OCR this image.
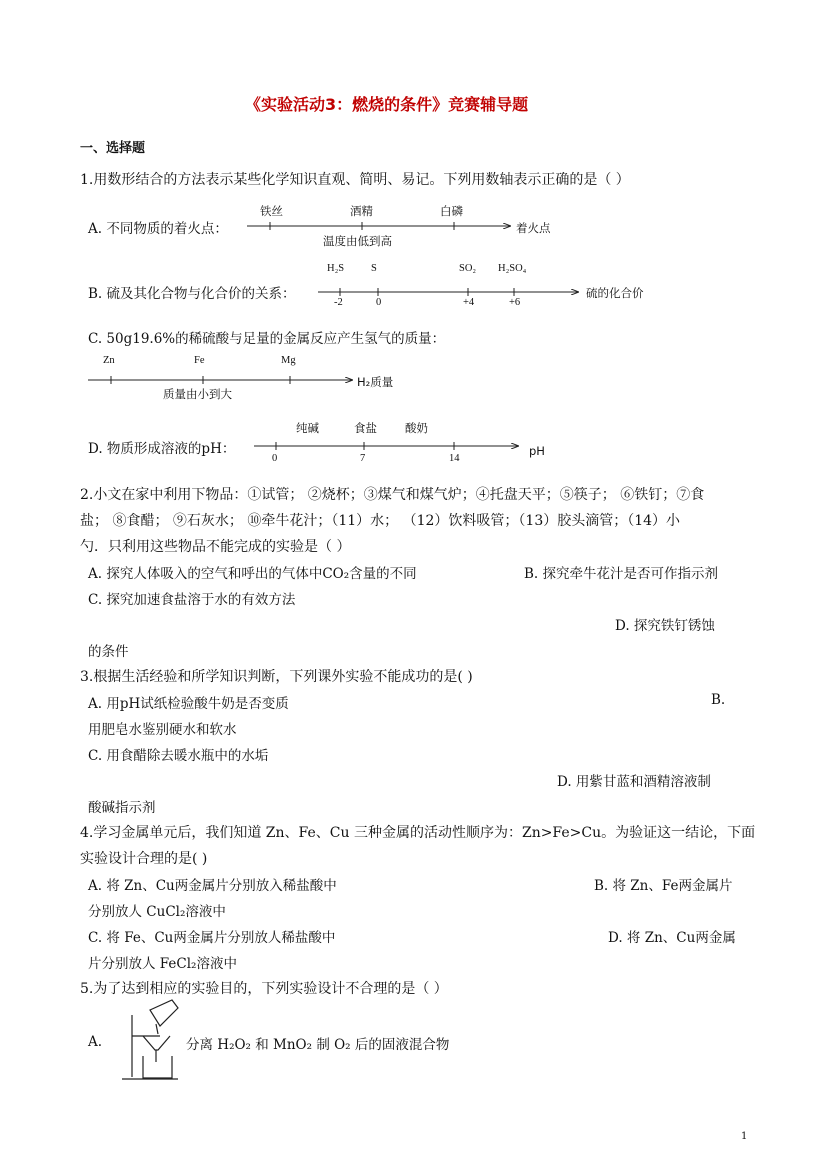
《实验活动3：燃烧的条件》竞赛辅导题
一、选择题
1.用数形结合的方法表示某些化学知识直观、简明、易记。下列用数轴表示正确的是（ ）
A. 不同物质的着火点：
铁丝	酒精	白磷
温度由低到高
着火点
B. 硫及其化合物与化合价的关系：
H₂S	S	SO₂ H₂SO₄
-2	0	+4	+6
硫的化合价
C. 50g19.6%的稀硫酸与足量的金属反应产生氢气的质量：
Zn	Fe	Mg
质量由小到大
H₂质量
D. 物质形成溶液的pH：
纯碱	食盐 酸奶
0	7	14
pH
2.小文在家中利用下物品：①试管； ②烧杯；③煤气和煤气炉；④托盘天平；⑤筷子； ⑥铁钉；⑦食
盐； ⑧食醋； ⑨石灰水； ⑩牵牛花汁；（11）水； （12）饮料吸管；（13）胶头滴管；（14）小
勺．只利用这些物品不能完成的实验是（ ）
A. 探究人体吸入的空气和呼出的气体中CO₂含量的不同	B. 探究牵牛花汁是否可作指示剂
C. 探究加速食盐溶于水的有效方法
D. 探究铁钉锈蚀
的条件
3.根据生活经验和所学知识判断，下列课外实验不能成功的是( )
A. 用pH试纸检验酸牛奶是否变质	B.
用肥皂水鉴别硬水和软水
C. 用食醋除去暖水瓶中的水垢
D. 用紫甘蓝和酒精溶液制
酸碱指示剂
4.学习金属单元后，我们知道 Zn、Fe、Cu 三种金属的活动性顺序为：Zn>Fe>Cu。为验证这一结论，下面
实验设计合理的是( )
A. 将 Zn、Cu两金属片分别放入稀盐酸中	B. 将 Zn、Fe两金属片
分别放人 CuCl₂溶液中
C. 将 Fe、Cu两金属片分别放人稀盐酸中	D. 将 Zn、Cu两金属
片分别放人 FeCl₂溶液中
5.为了达到相应的实验目的，下列实验设计不合理的是（ ）
A.	分离 H₂O₂ 和 MnO₂ 制 O₂ 后的固液混合物
1
